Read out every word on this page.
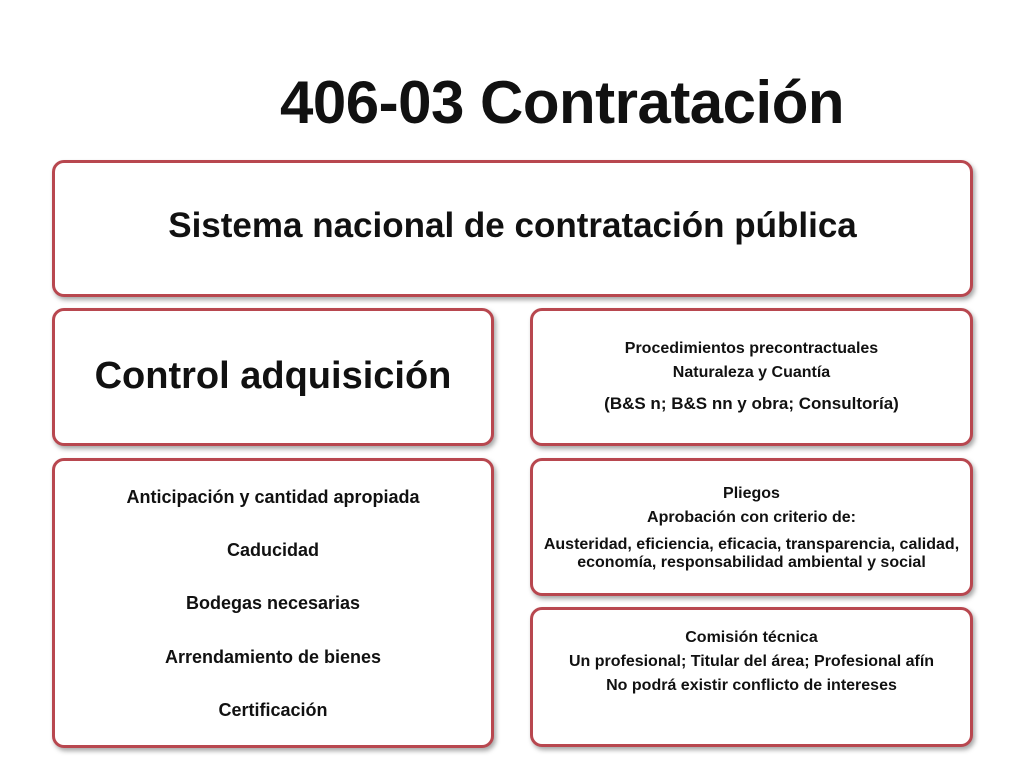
406-03 Contratación
Sistema nacional de contratación pública
Control adquisición
Procedimientos precontractuales
Naturaleza y Cuantía
(B&S n; B&S nn y obra; Consultoría)
Anticipación y cantidad apropiada
Caducidad
Bodegas necesarias
Arrendamiento de bienes
Certificación
Pliegos
Aprobación con criterio de:
Austeridad, eficiencia, eficacia, transparencia, calidad, economía, responsabilidad ambiental y social
Comisión técnica
Un profesional; Titular del área; Profesional afín
No podrá existir conflicto de intereses
